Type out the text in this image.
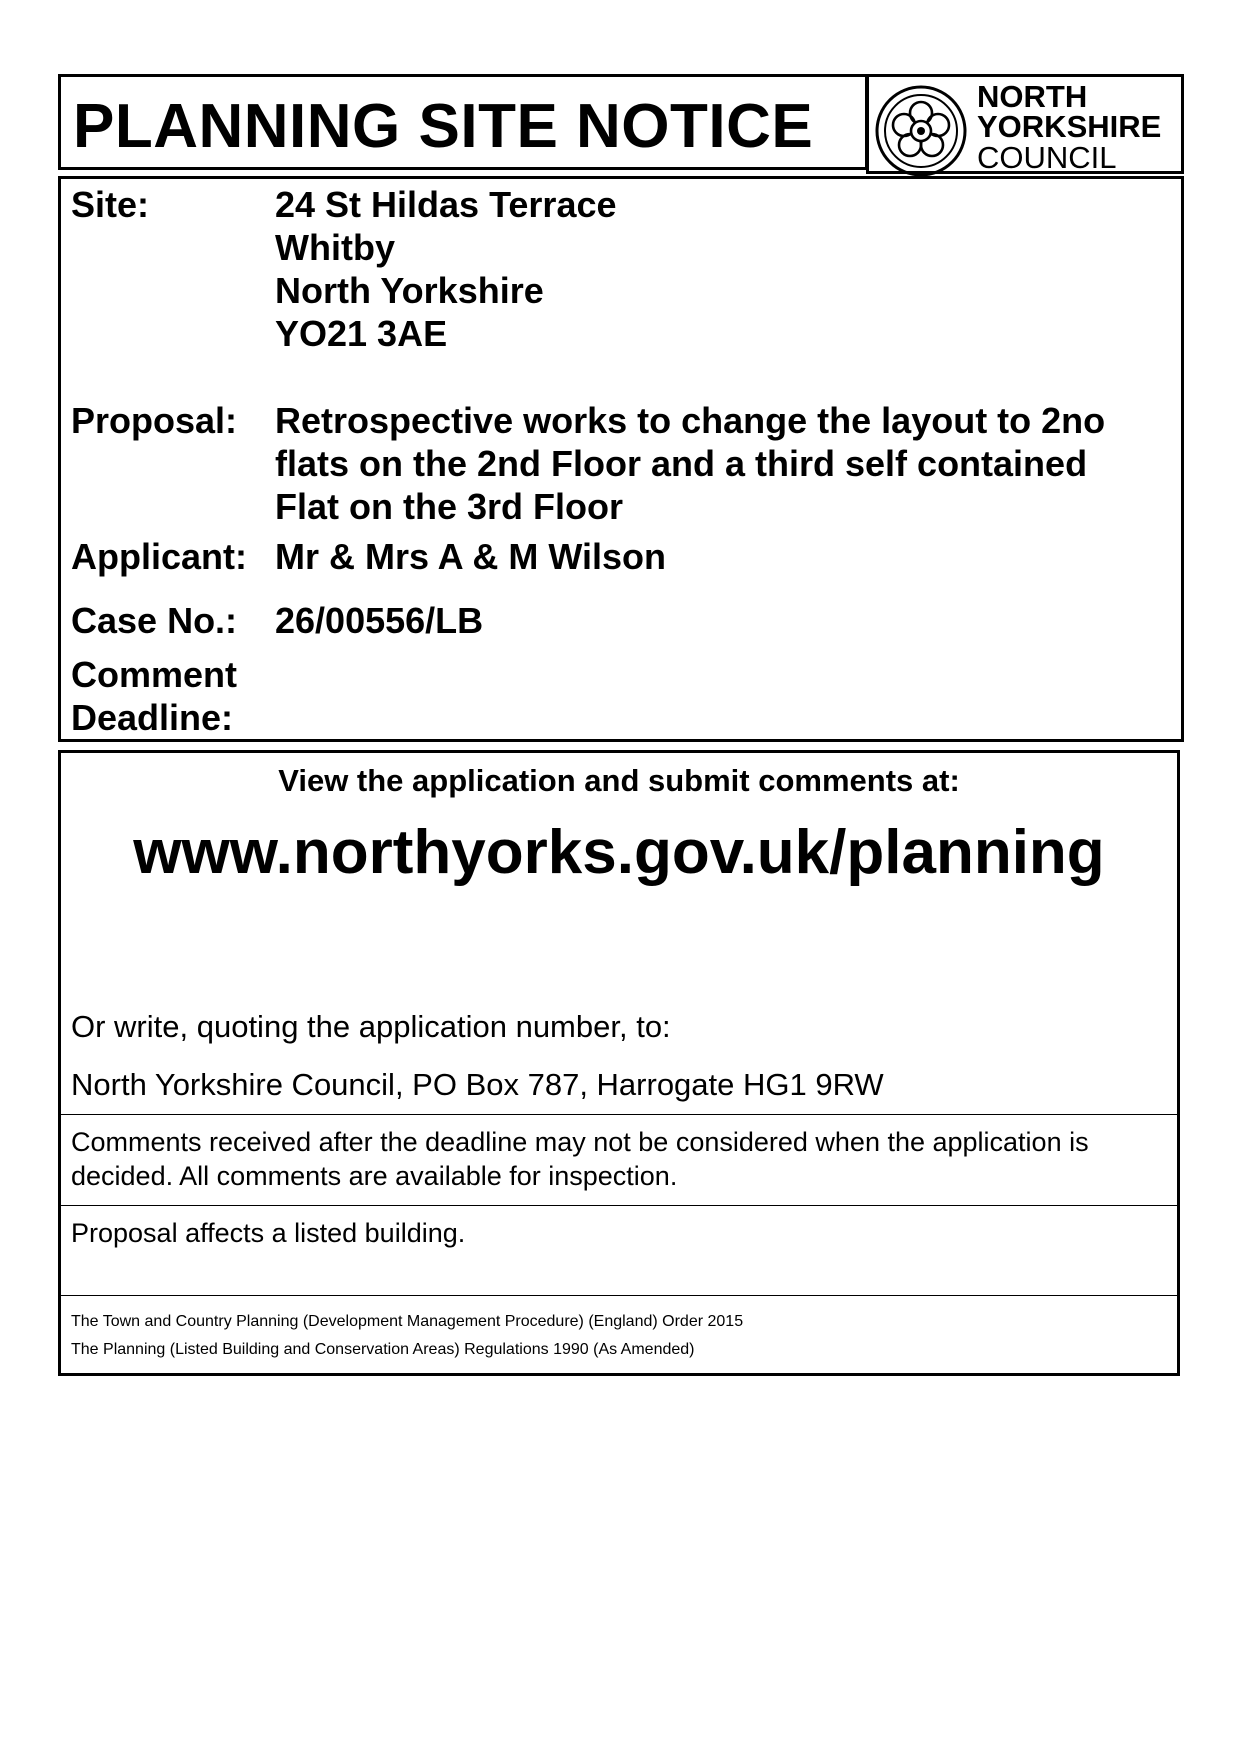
PLANNING SITE NOTICE	NORTH
YORKSHIRE
COUNCIL
Site:	24 St Hildas Terrace
Whitby
North Yorkshire
YO21 3AE
Proposal: Retrospective works to change the layout to 2no
flats on the 2nd Floor and a third self contained
Flat on the 3rd Floor
Applicant: Mr & Mrs A & M Wilson
Case No.: 26/00556/LB
Comment
Deadline:
View the application and submit comments at:
www.northyorks.gov.uk/planning
Or write, quoting the application number, to:
North Yorkshire Council, PO Box 787, Harrogate HG1 9RW
Comments received after the deadline may not be considered when the application is
decided. All comments are available for inspection.
Proposal affects a listed building.
The Town and Country Planning (Development Management Procedure) (England) Order 2015
The Planning (Listed Building and Conservation Areas) Regulations 1990 (As Amended)
